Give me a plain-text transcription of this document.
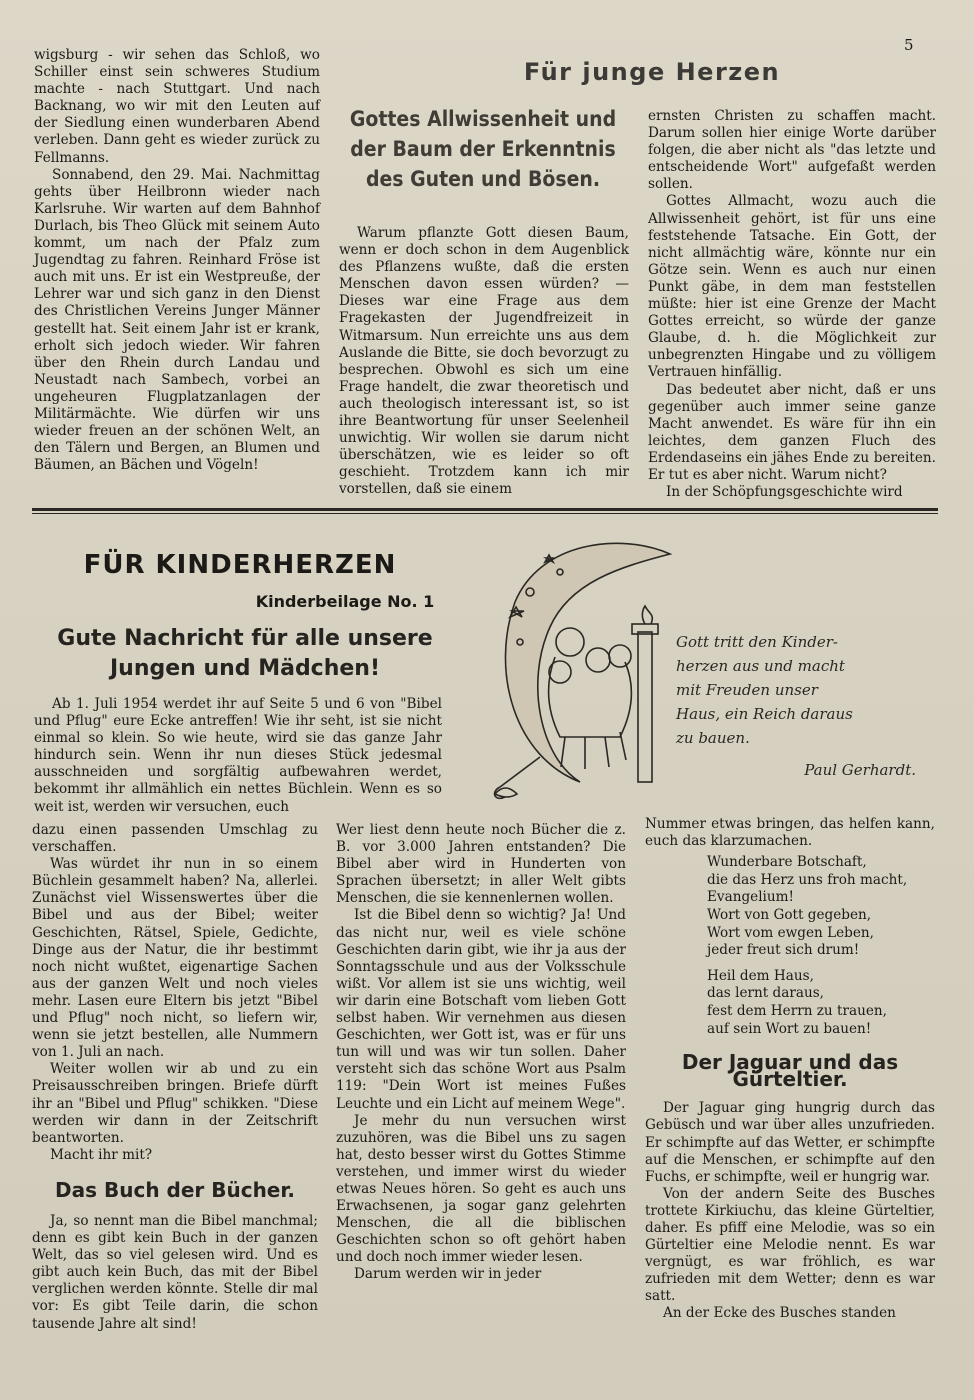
5

wigsburg - wir sehen das Schloß, wo Schiller einst sein schweres Studium machte - nach Stuttgart. Und nach Backnang, wo wir mit den Leuten auf der Siedlung einen wunderbaren Abend verleben. Dann geht es wieder zurück zu Fellmanns.

Sonnabend, den 29. Mai. Nachmittag gehts über Heilbronn wieder nach Karlsruhe. Wir warten auf dem Bahnhof Durlach, bis Theo Glück mit seinem Auto kommt, um nach der Pfalz zum Jugendtag zu fahren. Reinhard Fröse ist auch mit uns. Er ist ein Westpreuße, der Lehrer war und sich ganz in den Dienst des Christlichen Vereins Junger Männer gestellt hat. Seit einem Jahr ist er krank, erholt sich jedoch wieder. Wir fahren über den Rhein durch Landau und Neustadt nach Sambech, vorbei an ungeheuren Flugplatzanlagen der Militärmächte. Wie dürfen wir uns wieder freuen an der schönen Welt, an den Tälern und Bergen, an Blumen und Bäumen, an Bächen und Vögeln!

Für junge Herzen
Gottes Allwissenheit und der Baum der Erkenntnis des Guten und Bösen.

Warum pflanzte Gott diesen Baum, wenn er doch schon in dem Augenblick des Pflanzens wußte, daß die ersten Menschen davon essen würden? — Dieses war eine Frage aus dem Fragekasten der Jugendfreizeit in Witmarsum. Nun erreichte uns aus dem Auslande die Bitte, sie doch bevorzugt zu besprechen. Obwohl es sich um eine Frage handelt, die zwar theoretisch und auch theologisch interessant ist, so ist ihre Beantwortung für unser Seelenheil unwichtig. Wir wollen sie darum nicht überschätzen, wie es leider so oft geschieht. Trotzdem kann ich mir vorstellen, daß sie einem

ernsten Christen zu schaffen macht. Darum sollen hier einige Worte darüber folgen, die aber nicht als "das letzte und entscheidende Wort" aufgefaßt werden sollen.

Gottes Allmacht, wozu auch die Allwissenheit gehört, ist für uns eine feststehende Tatsache. Ein Gott, der nicht allmächtig wäre, könnte nur ein Götze sein. Wenn es auch nur einen Punkt gäbe, in dem man feststellen müßte: hier ist eine Grenze der Macht Gottes erreicht, so würde der ganze Glaube, d. h. die Möglichkeit zur unbegrenzten Hingabe und zu völligem Vertrauen hinfällig.

Das bedeutet aber nicht, daß er uns gegenüber auch immer seine ganze Macht anwendet. Es wäre für ihn ein leichtes, dem ganzen Fluch des Erdendaseins ein jähes Ende zu bereiten. Er tut es aber nicht. Warum nicht?

In der Schöpfungsgeschichte wird

FÜR KINDERHERZEN
Kinderbeilage No. 1
Gute Nachricht für alle unsere Jungen und Mädchen!

Ab 1. Juli 1954 werdet ihr auf Seite 5 und 6 von "Bibel und Pflug" eure Ecke antreffen! Wie ihr seht, ist sie nicht einmal so klein. So wie heute, wird sie das ganze Jahr hindurch sein. Wenn ihr nun dieses Stück jedesmal ausschneiden und sorgfältig aufbewahren werdet, bekommt ihr allmählich ein nettes Büchlein. Wenn es so weit ist, werden wir versuchen, euch

Gott tritt den Kinder-
herzen aus und macht
mit Freuden unser
Haus, ein Reich daraus
zu bauen.
Paul Gerhardt.

dazu einen passenden Umschlag zu verschaffen.

Was würdet ihr nun in so einem Büchlein gesammelt haben? Na, allerlei. Zunächst viel Wissenswertes über die Bibel und aus der Bibel; weiter Geschichten, Rätsel, Spiele, Gedichte, Dinge aus der Natur, die ihr bestimmt noch nicht wußtet, eigenartige Sachen aus der ganzen Welt und noch vieles mehr. Lasen eure Eltern bis jetzt "Bibel und Pflug" noch nicht, so liefern wir, wenn sie jetzt bestellen, alle Nummern von 1. Juli an nach.

Weiter wollen wir ab und zu ein Preisausschreiben bringen. Briefe dürft ihr an "Bibel und Pflug" schikken. "Diese werden wir dann in der Zeitschrift beantworten.

Macht ihr mit?

Das Buch der Bücher.

Ja, so nennt man die Bibel manchmal; denn es gibt kein Buch in der ganzen Welt, das so viel gelesen wird. Und es gibt auch kein Buch, das mit der Bibel verglichen werden könnte. Stelle dir mal vor: Es gibt Teile darin, die schon tausende Jahre alt sind!

Wer liest denn heute noch Bücher die z. B. vor 3.000 Jahren entstanden? Die Bibel aber wird in Hunderten von Sprachen übersetzt; in aller Welt gibts Menschen, die sie kennenlernen wollen.

Ist die Bibel denn so wichtig? Ja! Und das nicht nur, weil es viele schöne Geschichten darin gibt, wie ihr ja aus der Sonntagsschule und aus der Volksschule wißt. Vor allem ist sie uns wichtig, weil wir darin eine Botschaft vom lieben Gott selbst haben. Wir vernehmen aus diesen Geschichten, wer Gott ist, was er für uns tun will und was wir tun sollen. Daher versteht sich das schöne Wort aus Psalm 119: "Dein Wort ist meines Fußes Leuchte und ein Licht auf meinem Wege".

Je mehr du nun versuchen wirst zuzuhören, was die Bibel uns zu sagen hat, desto besser wirst du Gottes Stimme verstehen, und immer wirst du wieder etwas Neues hören. So geht es auch uns Erwachsenen, ja sogar ganz gelehrten Menschen, die all die biblischen Geschichten schon so oft gehört haben und doch noch immer wieder lesen.

Darum werden wir in jeder

Nummer etwas bringen, das helfen kann, euch das klarzumachen.

Wunderbare Botschaft,
die das Herz uns froh macht,
Evangelium!
Wort von Gott gegeben,
Wort vom ewgen Leben,
jeder freut sich drum!
Heil dem Haus,
das lernt daraus,
fest dem Herrn zu trauen,
auf sein Wort zu bauen!
Der Jaguar und das Gürteltier.

Der Jaguar ging hungrig durch das Gebüsch und war über alles unzufrieden. Er schimpfte auf das Wetter, er schimpfte auf die Menschen, er schimpfte auf den Fuchs, er schimpfte, weil er hungrig war.

Von der andern Seite des Busches trottete Kirkiuchu, das kleine Gürteltier, daher. Es pfiff eine Melodie, was so ein Gürteltier eine Melodie nennt. Es war vergnügt, es war fröhlich, es war zufrieden mit dem Wetter; denn es war satt.

An der Ecke des Busches standen
